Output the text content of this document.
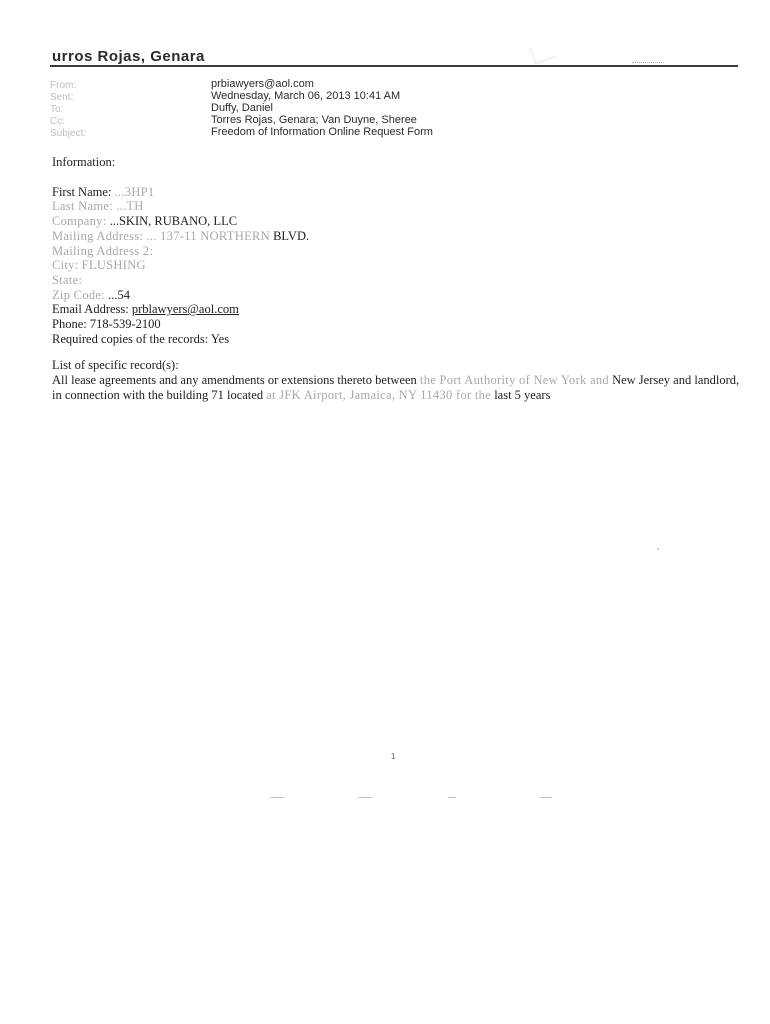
urros Rojas, Genara
From:
Sent:
To:
Cc:
Subject:
prbiawyers@aol.com
Wednesday, March 06, 2013 10:41 AM
Duffy, Daniel
Torres Rojas, Genara; Van Duyne, Sheree
Freedom of Information Online Request Form
Information:
First Name: ...3HP1
Last Name: ...TH
Company: ...SKIN, RUBANO, LLC
Mailing Address: ... 137-11 NORTHERN BLVD.
Mailing Address 2:
City: FLUSHING
State:
Zip Code: ...54
Email Address: prblawyers@aol.com
Phone: 718-539-2100
Required copies of the records: Yes
List of specific record(s):
All lease agreements and any amendments or extensions thereto between the Port Authority of New York and New Jersey and landlord, in connection with the building 71 located at JFK Airport, Jamaica, NY 11430 for the last 5 years
1
